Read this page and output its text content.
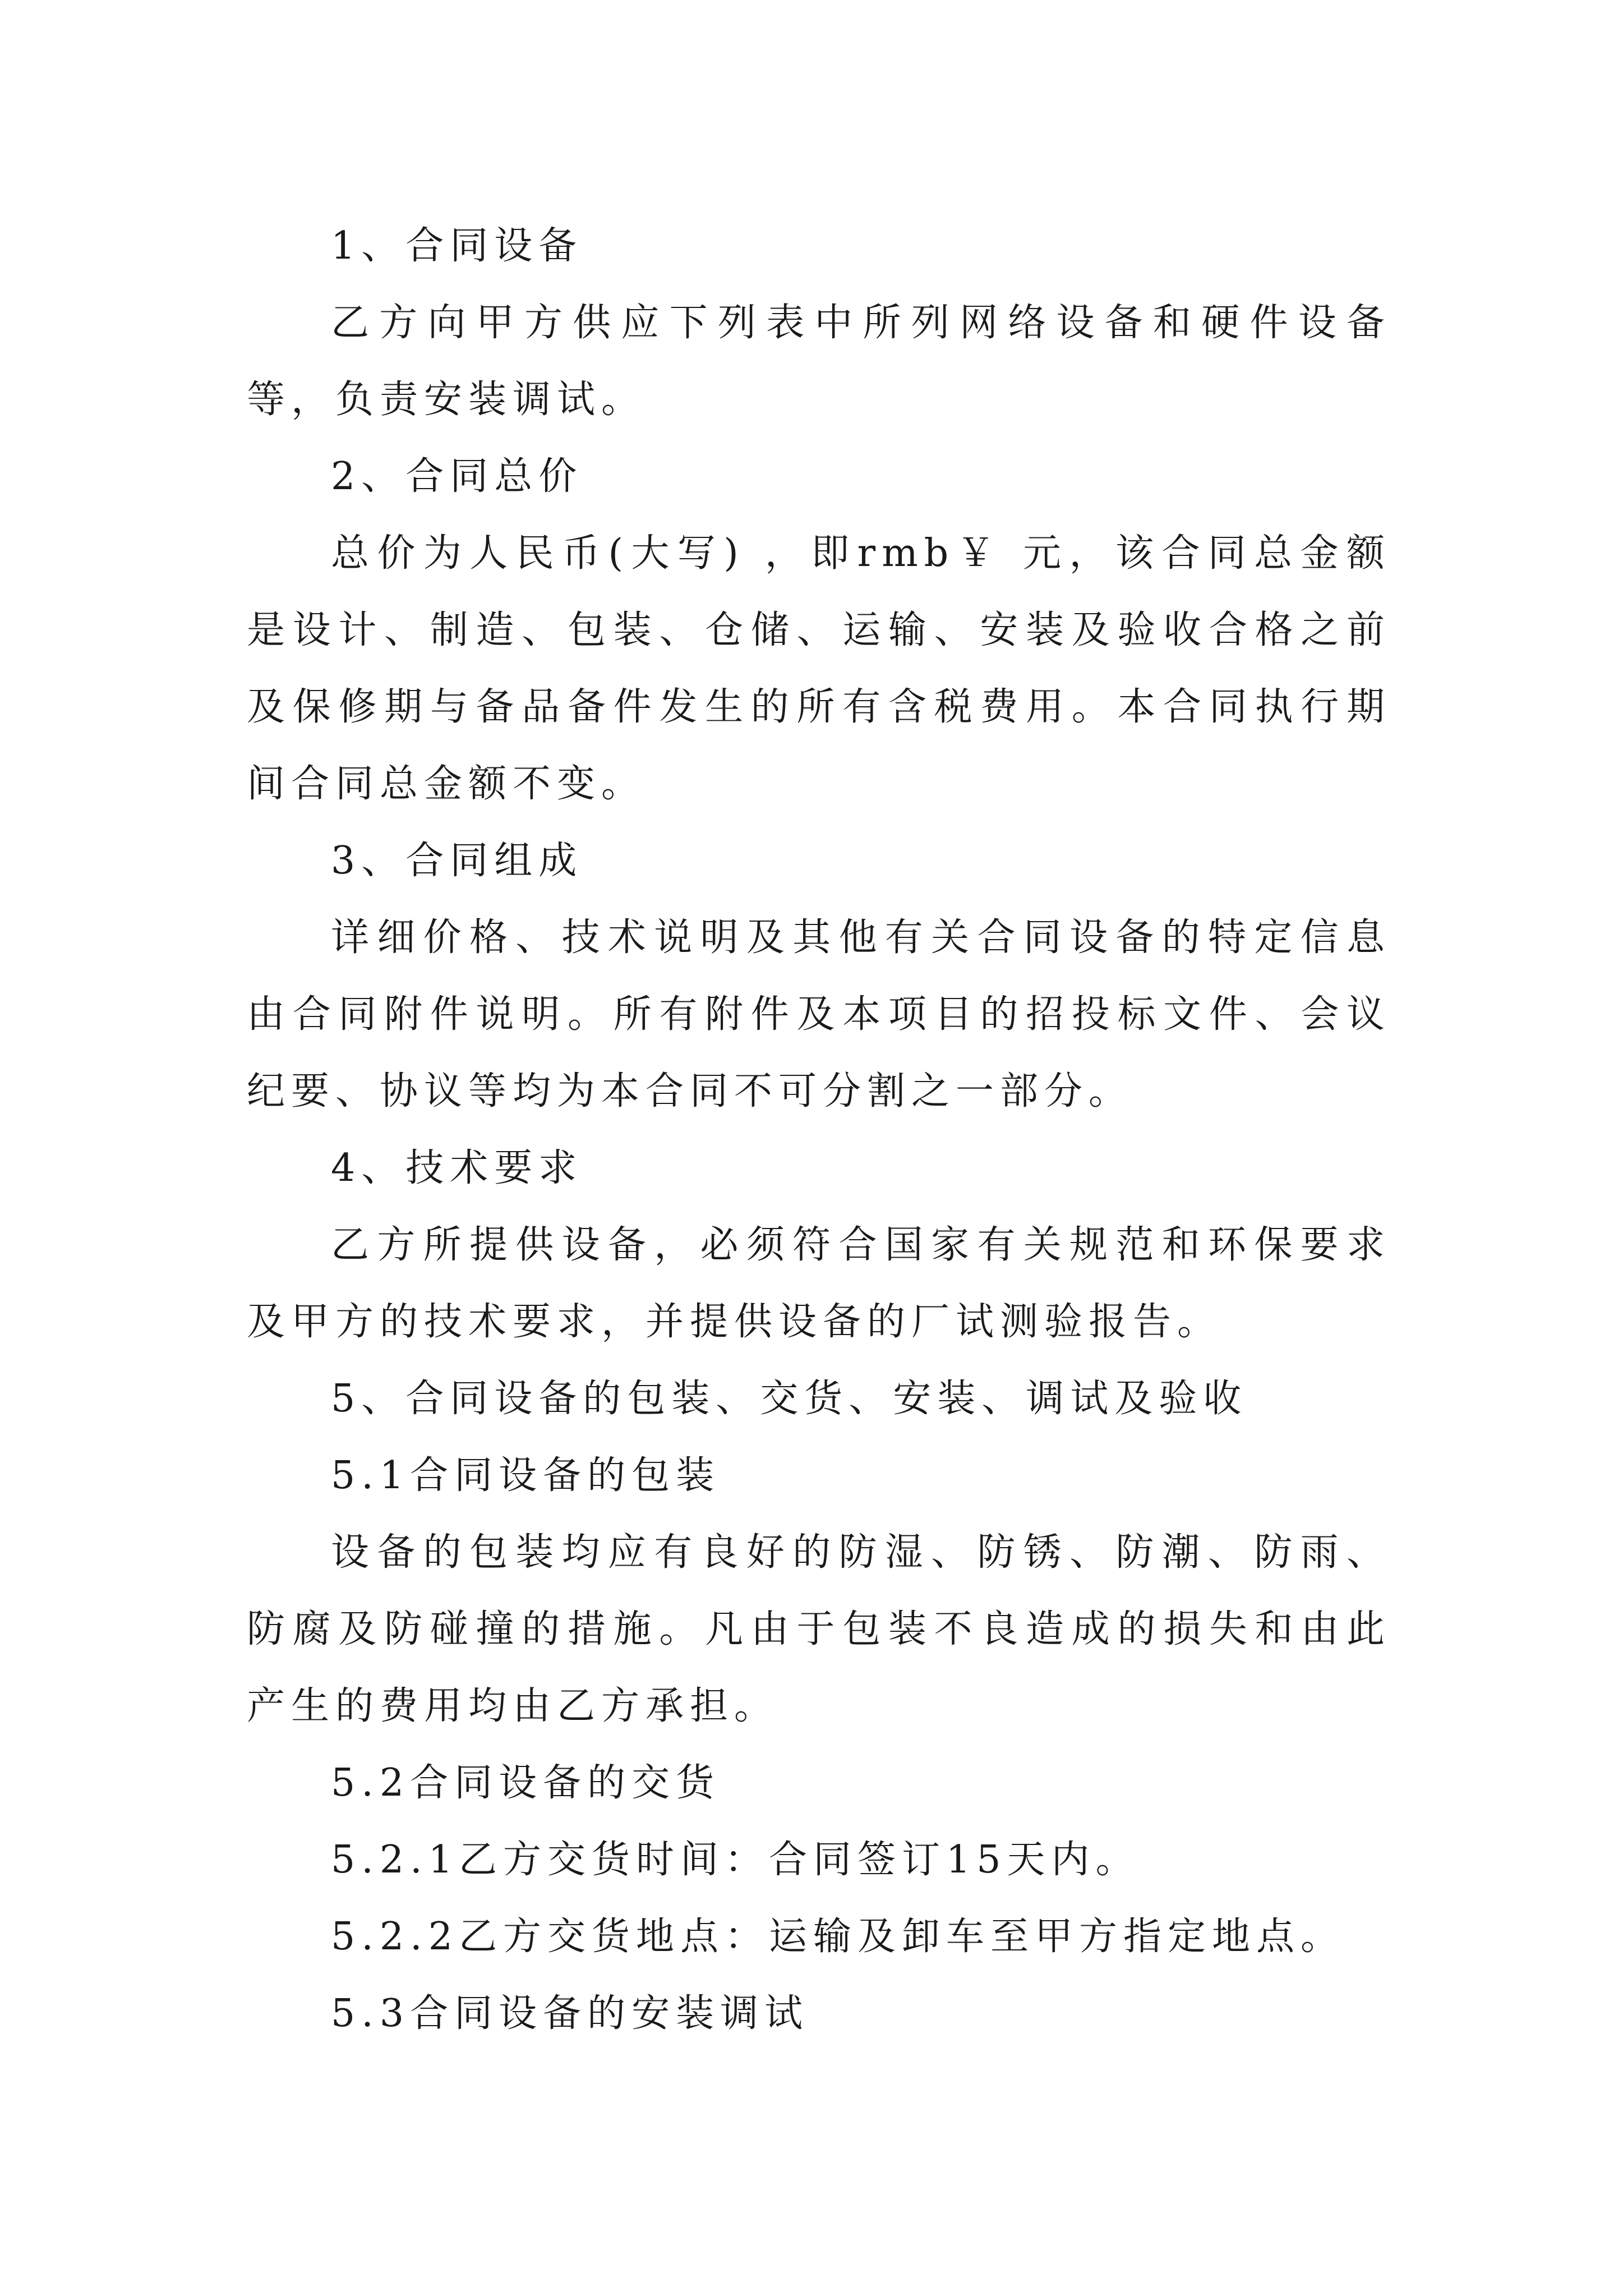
1、合同设备

乙方向甲方供应下列表中所列网络设备和硬件设备等，负责安装调试。

2、合同总价

总价为人民币(大写) ，即rmb￥ 元，该合同总金额是设计、制造、包装、仓储、运输、安装及验收合格之前及保修期与备品备件发生的所有含税费用。本合同执行期间合同总金额不变。

3、合同组成

详细价格、技术说明及其他有关合同设备的特定信息由合同附件说明。所有附件及本项目的招投标文件、会议纪要、协议等均为本合同不可分割之一部分。

4、技术要求

乙方所提供设备，必须符合国家有关规范和环保要求及甲方的技术要求，并提供设备的厂试测验报告。

5、合同设备的包装、交货、安装、调试及验收

5.1合同设备的包装

设备的包装均应有良好的防湿、防锈、防潮、防雨、防腐及防碰撞的措施。凡由于包装不良造成的损失和由此产生的费用均由乙方承担。

5.2合同设备的交货

5.2.1乙方交货时间：合同签订15天内。

5.2.2乙方交货地点：运输及卸车至甲方指定地点。

5.3合同设备的安装调试
